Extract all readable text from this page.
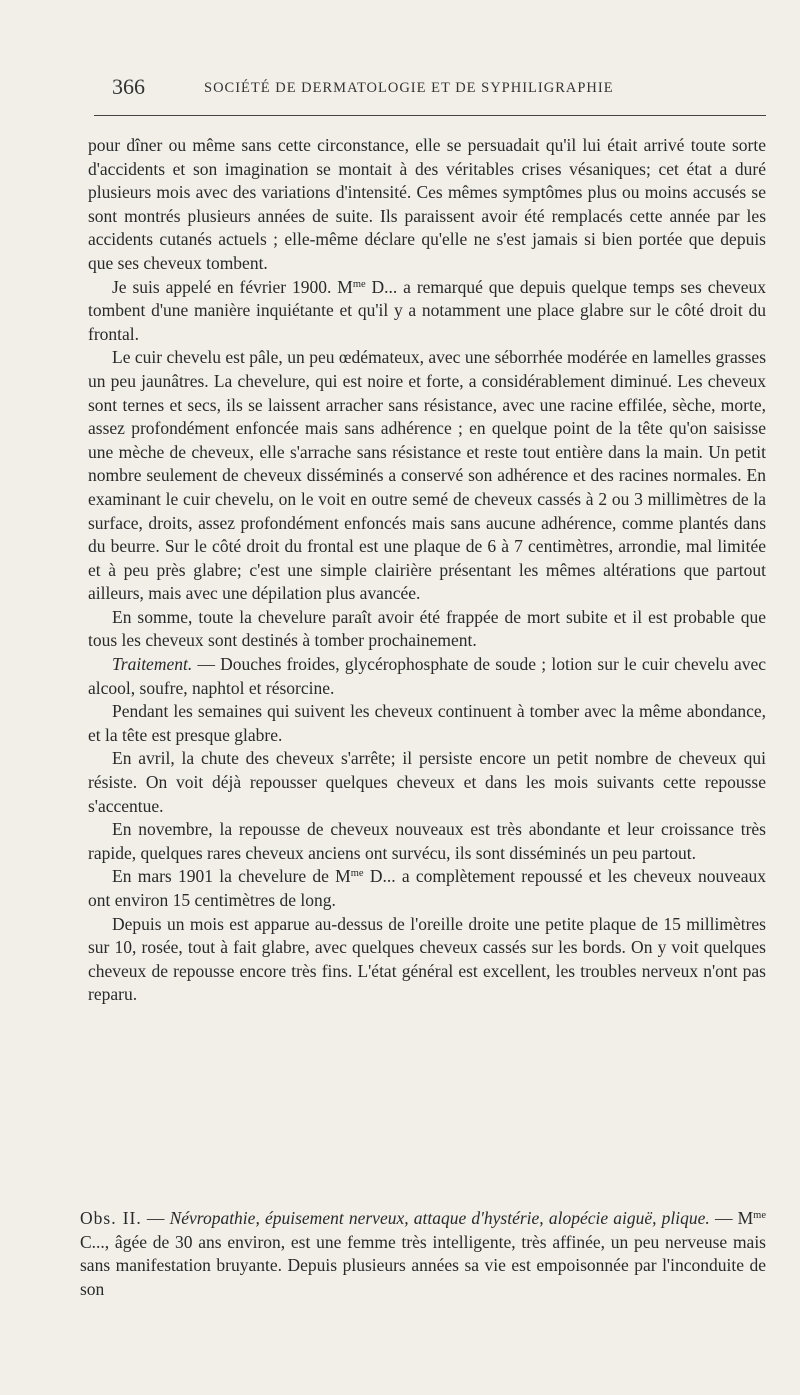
366	SOCIÉTÉ DE DERMATOLOGIE ET DE SYPHILIGRAPHIE

pour dîner ou même sans cette circonstance, elle se persuadait qu'il lui était arrivé toute sorte d'accidents et son imagination se montait à des véritables crises vésaniques; cet état a duré plusieurs mois avec des variations d'intensité. Ces mêmes symptômes plus ou moins accusés se sont montrés plusieurs années de suite. Ils paraissent avoir été remplacés cette année par les accidents cutanés actuels ; elle-même déclare qu'elle ne s'est jamais si bien portée que depuis que ses cheveux tombent.

Je suis appelé en février 1900. $M^{me}$ D... a remarqué que depuis quelque temps ses cheveux tombent d'une manière inquiétante et qu'il y a notamment une place glabre sur le côté droit du frontal.

Le cuir chevelu est pâle, un peu œdémateux, avec une séborrhée modérée en lamelles grasses un peu jaunâtres. La chevelure, qui est noire et forte, a considérablement diminué. Les cheveux sont ternes et secs, ils se laissent arracher sans résistance, avec une racine effilée, sèche, morte, assez profondément enfoncée mais sans adhérence ; en quelque point de la tête qu'on saisisse une mèche de cheveux, elle s'arrache sans résistance et reste tout entière dans la main. Un petit nombre seulement de cheveux disséminés a conservé son adhérence et des racines normales. En examinant le cuir chevelu, on le voit en outre semé de cheveux cassés à 2 ou 3 millimètres de la surface, droits, assez profondément enfoncés mais sans aucune adhérence, comme plantés dans du beurre. Sur le côté droit du frontal est une plaque de 6 à 7 centimètres, arrondie, mal limitée et à peu près glabre; c'est une simple clairière présentant les mêmes altérations que partout ailleurs, mais avec une dépilation plus avancée.

En somme, toute la chevelure paraît avoir été frappée de mort subite et il est probable que tous les cheveux sont destinés à tomber prochainement.

Traitement. — Douches froides, glycérophosphate de soude ; lotion sur le cuir chevelu avec alcool, soufre, naphtol et résorcine.

Pendant les semaines qui suivent les cheveux continuent à tomber avec la même abondance, et la tête est presque glabre.

En avril, la chute des cheveux s'arrête; il persiste encore un petit nombre de cheveux qui résiste. On voit déjà repousser quelques cheveux et dans les mois suivants cette repousse s'accentue.

En novembre, la repousse de cheveux nouveaux est très abondante et leur croissance très rapide, quelques rares cheveux anciens ont survécu, ils sont disséminés un peu partout.

En mars 1901 la chevelure de $M^{me}$ D... a complètement repoussé et les cheveux nouveaux ont environ 15 centimètres de long.

Depuis un mois est apparue au-dessus de l'oreille droite une petite plaque de 15 millimètres sur 10, rosée, tout à fait glabre, avec quelques cheveux cassés sur les bords. On y voit quelques cheveux de repousse encore très fins. L'état général est excellent, les troubles nerveux n'ont pas reparu.

Obs. II. — Névropathie, épuisement nerveux, attaque d'hystérie, alopécie aiguë, plique. — $M^{me}$ C..., âgée de 30 ans environ, est une femme très intelligente, très affinée, un peu nerveuse mais sans manifestation bruyante. Depuis plusieurs années sa vie est empoisonnée par l'inconduite de son
